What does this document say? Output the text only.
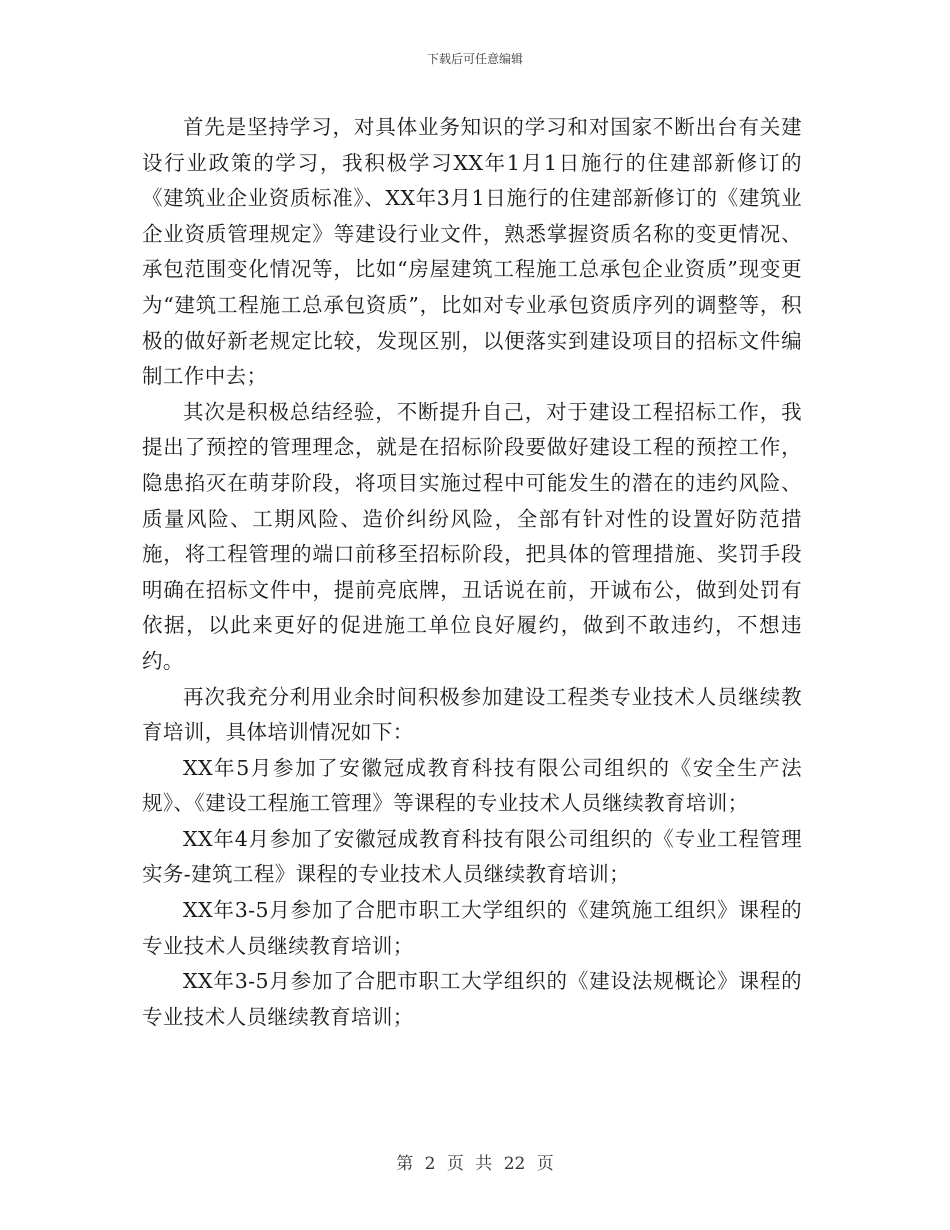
下载后可任意编辑

首先是坚持学习，对具体业务知识的学习和对国家不断出台有关建设行业政策的学习，我积极学习XX年1月1日施行的住建部新修订的《建筑业企业资质标准》、XX年3月1日施行的住建部新修订的《建筑业企业资质管理规定》等建设行业文件，熟悉掌握资质名称的变更情况、承包范围变化情况等，比如“房屋建筑工程施工总承包企业资质”现变更为“建筑工程施工总承包资质”，比如对专业承包资质序列的调整等，积极的做好新老规定比较，发现区别，以便落实到建设项目的招标文件编制工作中去；

其次是积极总结经验，不断提升自己，对于建设工程招标工作，我提出了预控的管理理念，就是在招标阶段要做好建设工程的预控工作，隐患掐灭在萌芽阶段，将项目实施过程中可能发生的潜在的违约风险、质量风险、工期风险、造价纠纷风险，全部有针对性的设置好防范措施，将工程管理的端口前移至招标阶段，把具体的管理措施、奖罚手段明确在招标文件中，提前亮底牌，丑话说在前，开诚布公，做到处罚有依据，以此来更好的促进施工单位良好履约，做到不敢违约，不想违约。

再次我充分利用业余时间积极参加建设工程类专业技术人员继续教育培训，具体培训情况如下：

XX年5月参加了安徽冠成教育科技有限公司组织的《安全生产法规》、《建设工程施工管理》等课程的专业技术人员继续教育培训；

XX年4月参加了安徽冠成教育科技有限公司组织的《专业工程管理实务-建筑工程》课程的专业技术人员继续教育培训；

XX年3-5月参加了合肥市职工大学组织的《建筑施工组织》课程的专业技术人员继续教育培训；

XX年3-5月参加了合肥市职工大学组织的《建设法规概论》课程的专业技术人员继续教育培训；

第 2 页 共 22 页
